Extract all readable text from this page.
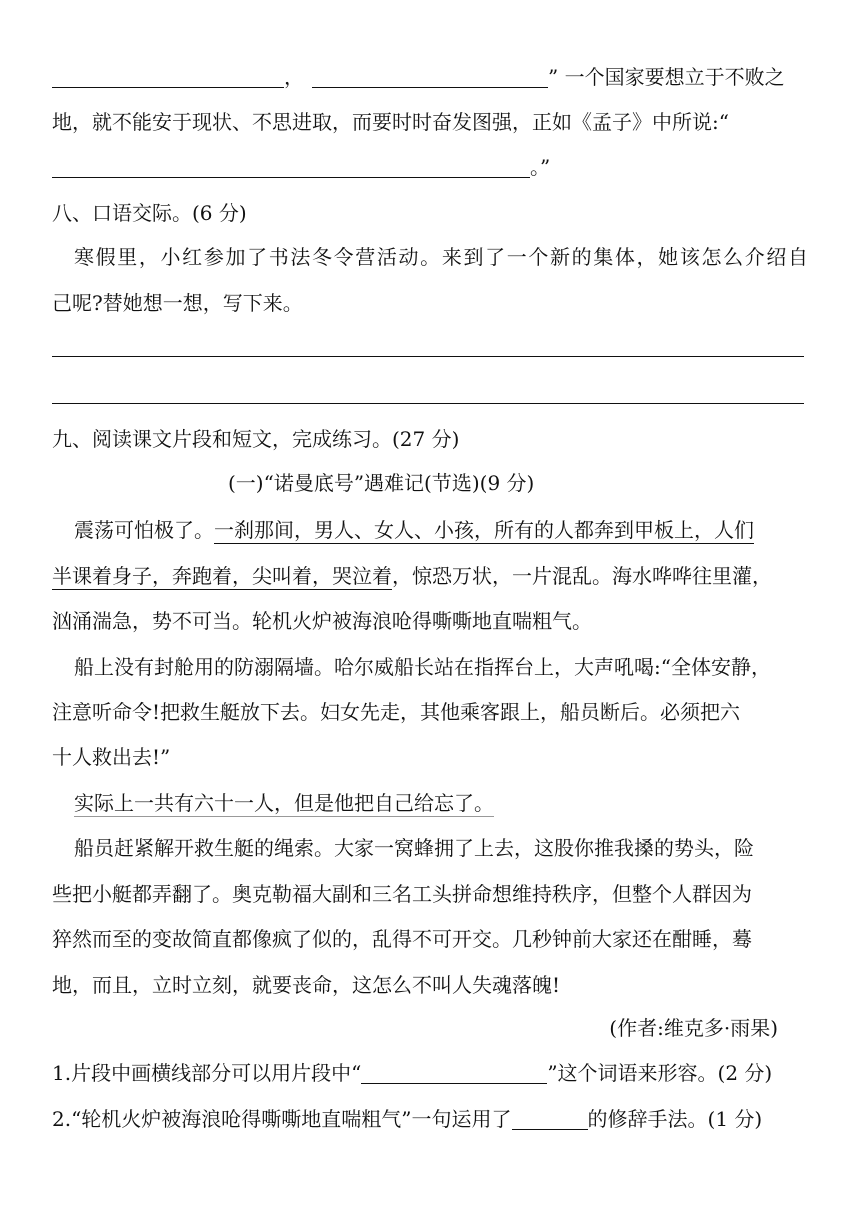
，	” 一个国家要想立于不败之
地，就不能安于现状、不思进取，而要时时奋发图强，正如《孟子》中所说:“
。”
八、口语交际。(6 分)
寒假里，小红参加了书法冬令营活动。来到了一个新的集体，她该怎么介绍自
己呢?替她想一想，写下来。
九、阅读课文片段和短文，完成练习。(27 分)
(一)“诺曼底号”遇难记(节选)(9 分)
震荡可怕极了。一刹那间，男人、女人、小孩，所有的人都奔到甲板上，人们
半课着身子，奔跑着，尖叫着，哭泣着，惊恐万状，一片混乱。海水哗哗往里灌，
汹涌湍急，势不可当。轮机火炉被海浪呛得嘶嘶地直喘粗气。
船上没有封舱用的防溺隔墙。哈尔威船长站在指挥台上，大声吼喝:“全体安静，
注意听命令!把救生艇放下去。妇女先走，其他乘客跟上，船员断后。必须把六
十人救出去!”
实际上一共有六十一人，但是他把自己给忘了。
船员赶紧解开救生艇的绳索。大家一窝蜂拥了上去，这股你推我搡的势头，险
些把小艇都弄翻了。奥克勒福大副和三名工头拼命想维持秩序，但整个人群因为
猝然而至的变故简直都像疯了似的，乱得不可开交。几秒钟前大家还在酣睡，蓦
地，而且，立时立刻，就要丧命，这怎么不叫人失魂落魄!
(作者:维克多·雨果)
1.片段中画横线部分可以用片段中“	”这个词语来形容。(2 分)
2.“轮机火炉被海浪呛得嘶嘶地直喘粗气”一句运用了	的修辞手法。(1 分)
